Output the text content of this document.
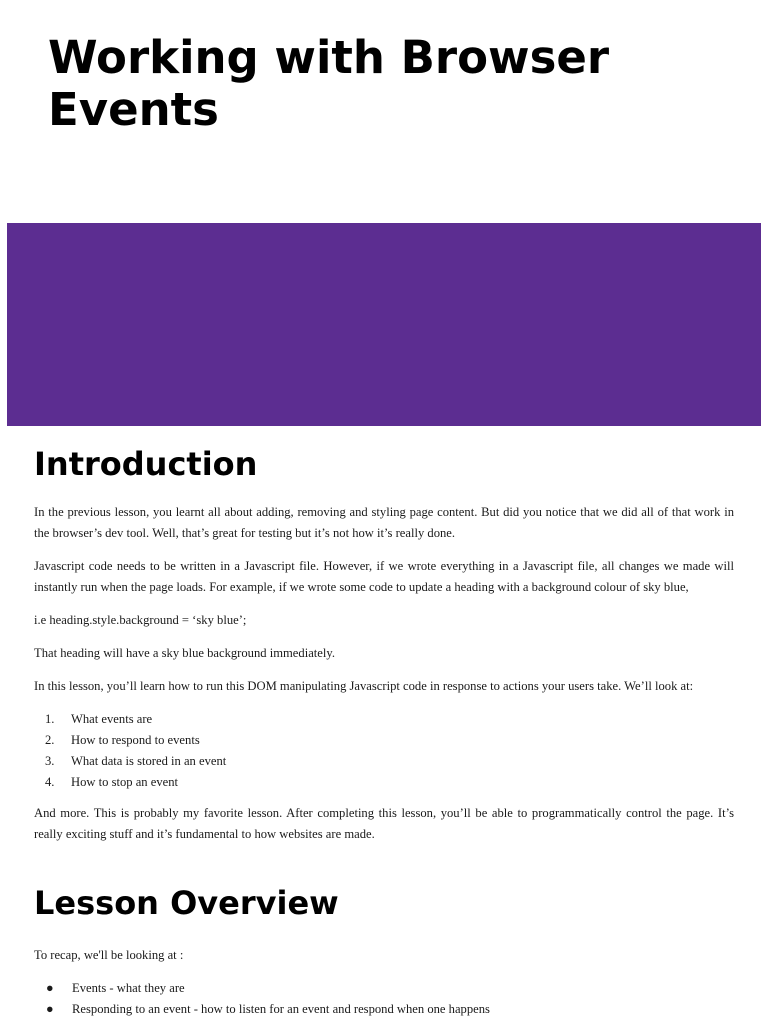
Working with Browser Events
Introduction

In the previous lesson, you learnt all about adding, removing and styling page content. But did you notice that we did all of that work in the browser’s dev tool. Well, that’s great for testing but it’s not how it’s really done.

Javascript code needs to be written in a Javascript file. However, if we wrote everything in a Javascript file, all changes we made will instantly run when the page loads. For example, if we wrote some code to update a heading with a background colour of sky blue,

i.e heading.style.background = ‘sky blue’;

That heading will have a sky blue background immediately.

In this lesson, you’ll learn how to run this DOM manipulating Javascript code in response to actions your users take. We’ll look at:

1. What events are
2. How to respond to events
3. What data is stored in an event
4. How to stop an event

And more. This is probably my favorite lesson. After completing this lesson, you’ll be able to programmatically control the page. It’s really exciting stuff and it’s fundamental to how websites are made.

Lesson Overview

To recap, we'll be looking at :

● Events - what they are
● Responding to an event - how to listen for an event and respond when one happens
